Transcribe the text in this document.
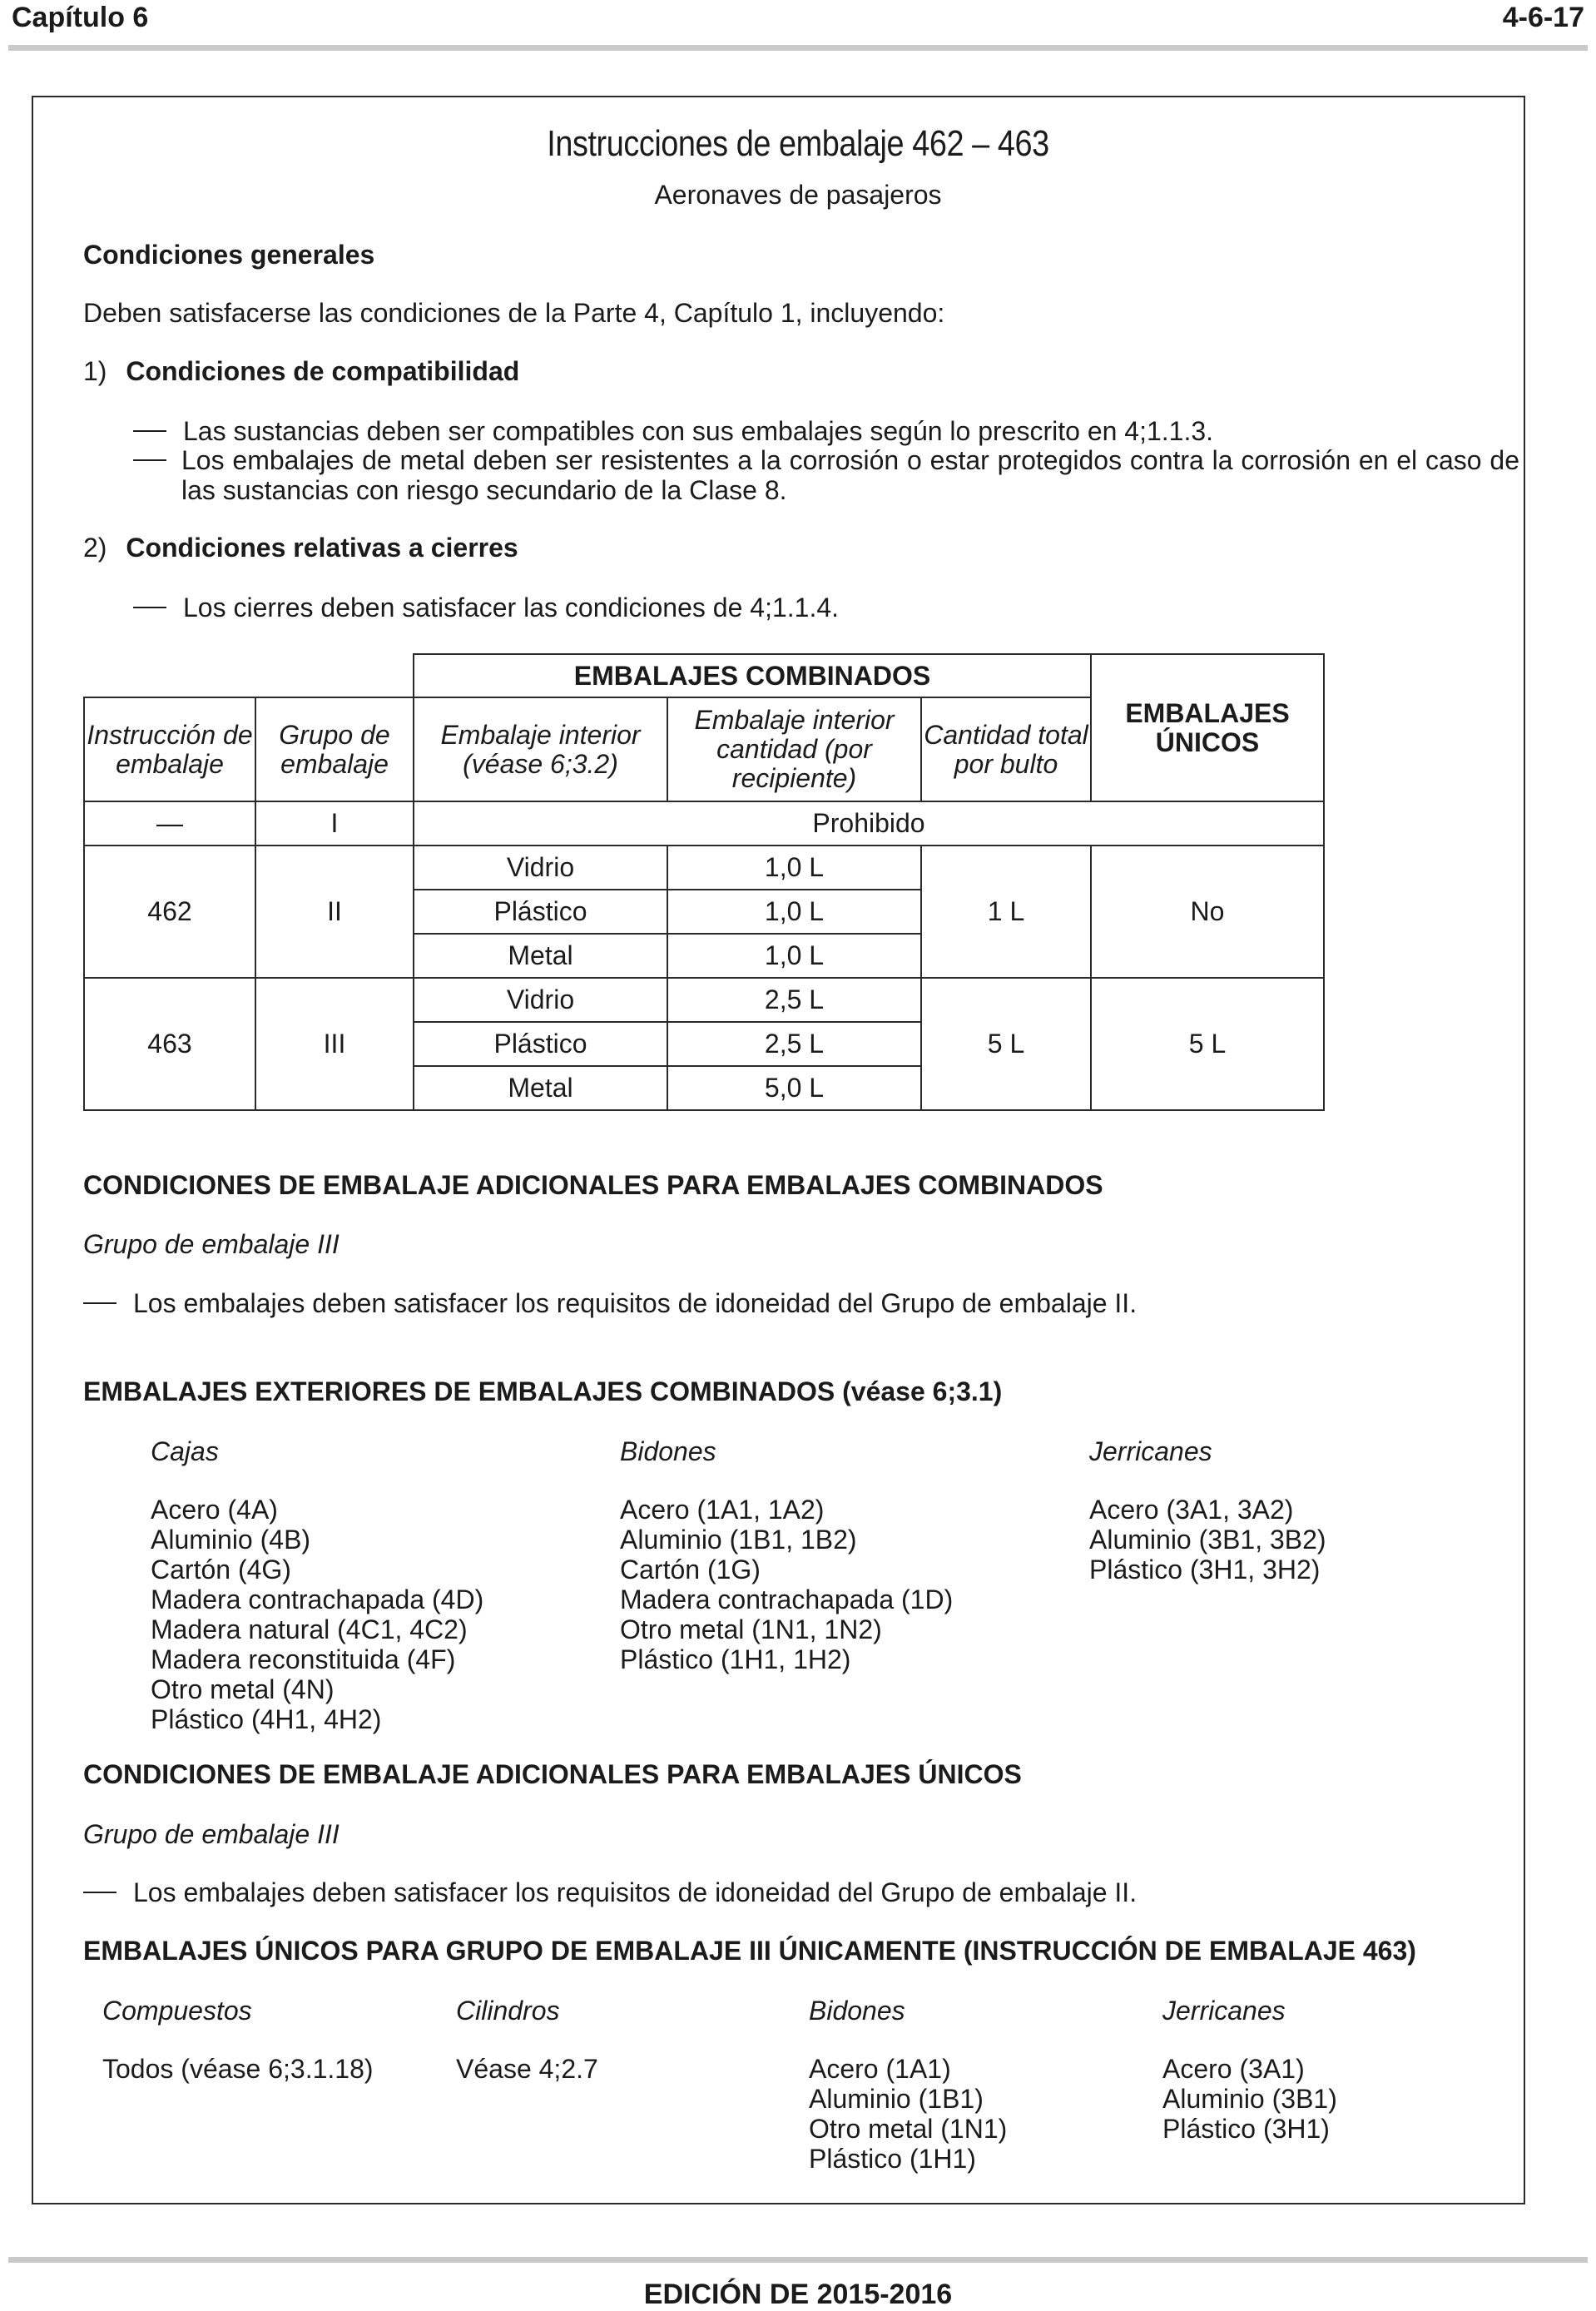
Capítulo 6	4-6-17
Instrucciones de embalaje 462 – 463
Aeronaves de pasajeros
Condiciones generales
Deben satisfacerse las condiciones de la Parte 4, Capítulo 1, incluyendo:
1) Condiciones de compatibilidad
Las sustancias deben ser compatibles con sus embalajes según lo prescrito en 4;1.1.3.
Los embalajes de metal deben ser resistentes a la corrosión o estar protegidos contra la corrosión en el caso de las sustancias con riesgo secundario de la Clase 8.
2) Condiciones relativas a cierres
Los cierres deben satisfacer las condiciones de 4;1.1.4.
		EMBALAJES COMBINADOS			EMBALAJES ÚNICOS
Instrucción de embalaje	Grupo de embalaje	Embalaje interior (véase 6;3.2)	Embalaje interior cantidad (por recipiente)	Cantidad total por bulto	
—	I	Prohibido			
462	II	Vidrio	1,0 L	1 L	No
		Plástico	1,0 L		
		Metal	1,0 L		
463	III	Vidrio	2,5 L	5 L	5 L
		Plástico	2,5 L		
		Metal	5,0 L		
CONDICIONES DE EMBALAJE ADICIONALES PARA EMBALAJES COMBINADOS
Grupo de embalaje III
Los embalajes deben satisfacer los requisitos de idoneidad del Grupo de embalaje II.
EMBALAJES EXTERIORES DE EMBALAJES COMBINADOS (véase 6;3.1)
Cajas
Acero (4A)
Aluminio (4B)
Cartón (4G)
Madera contrachapada (4D)
Madera natural (4C1, 4C2)
Madera reconstituida (4F)
Otro metal (4N)
Plástico (4H1, 4H2)
Bidones
Acero (1A1, 1A2)
Aluminio (1B1, 1B2)
Cartón (1G)
Madera contrachapada (1D)
Otro metal (1N1, 1N2)
Plástico (1H1, 1H2)
Jerricanes
Acero (3A1, 3A2)
Aluminio (3B1, 3B2)
Plástico (3H1, 3H2)
CONDICIONES DE EMBALAJE ADICIONALES PARA EMBALAJES ÚNICOS
Grupo de embalaje III
Los embalajes deben satisfacer los requisitos de idoneidad del Grupo de embalaje II.
EMBALAJES ÚNICOS PARA GRUPO DE EMBALAJE III ÚNICAMENTE (INSTRUCCIÓN DE EMBALAJE 463)
Compuestos
Todos (véase 6;3.1.18)
Cilindros
Véase 4;2.7
Bidones
Acero (1A1)
Aluminio (1B1)
Otro metal (1N1)
Plástico (1H1)
Jerricanes
Acero (3A1)
Aluminio (3B1)
Plástico (3H1)
EDICIÓN DE 2015-2016
